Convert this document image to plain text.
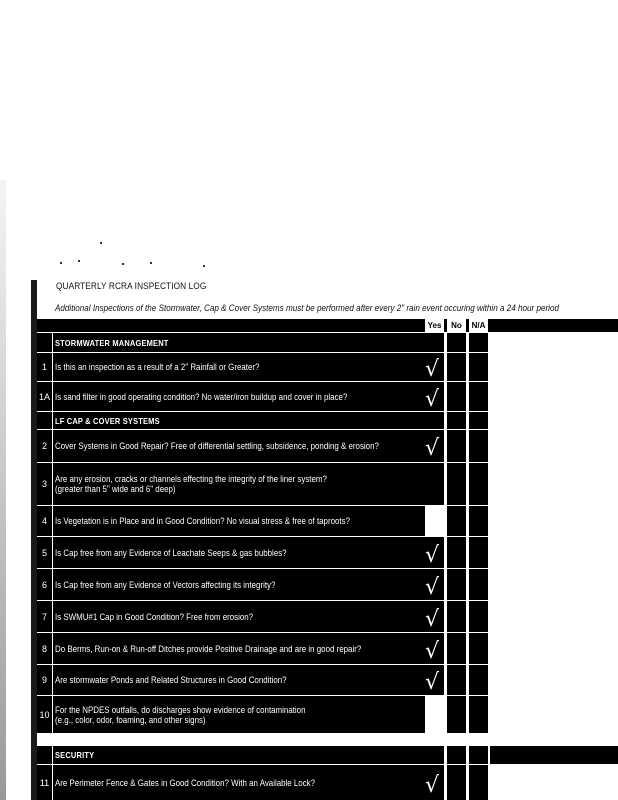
QUARTERLY RCRA INSPECTION LOG
Additional Inspections of the Stormwater, Cap & Cover Systems must be performed after every 2" rain event occuring within a 24 hour period
Yes	No	N/A
STORMWATER MANAGEMENT
1 Is this an inspection as a result of a 2" Rainfall or Greater?
1A Is sand filter in good operating condition? No water/iron buildup and cover in place?
LF CAP & COVER SYSTEMS
2 Cover Systems in Good Repair? Free of differential settling, subsidence, ponding & erosion?
3 Are any erosion, cracks or channels effecting the integrity of the liner system?
(greater than 5" wide and 6" deep)
4 Is Vegetation is in Place and in Good Condition? No visual stress & free of taproots?
5 Is Cap free from any Evidence of Leachate Seeps & gas bubbles?
6 Is Cap free from any Evidence of Vectors affecting its integrity?
7 Is SWMU#1 Cap in Good Condition? Free from erosion?
8 Do Berms, Run-on & Run-off Ditches provide Positive Drainage and are in good repair?
9 Are stormwater Ponds and Related Structures in Good Condition?
10 For the NPDES outfalls, do discharges show evidence of contamination
(e.g., color, odor, foaming, and other signs)
SECURITY
11 Are Perimeter Fence & Gates in Good Condition? With an Available Lock?
√
√
√
√
√
√
√
√
√
√
√
